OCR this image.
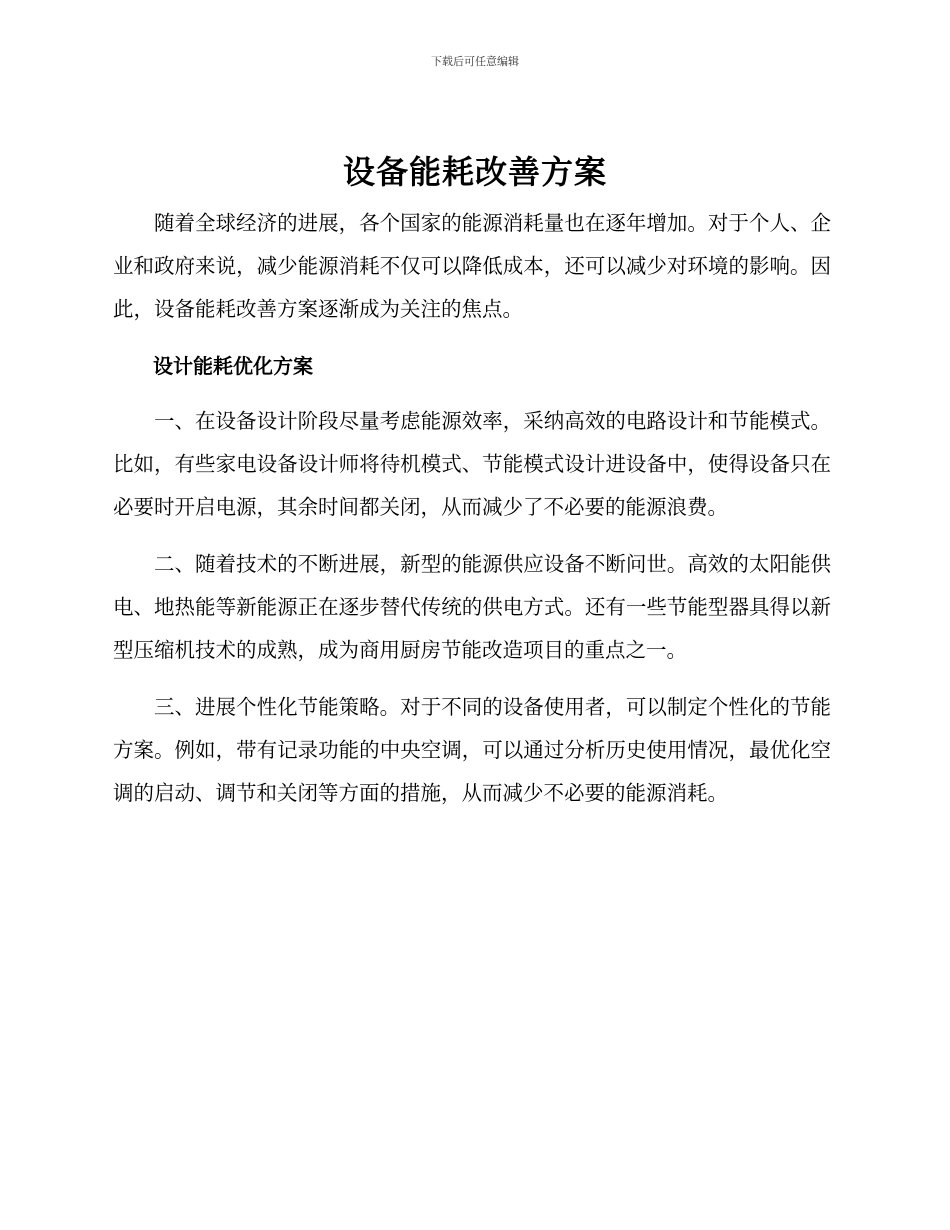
下载后可任意编辑
设备能耗改善方案

随着全球经济的进展，各个国家的能源消耗量也在逐年增加。对于个人、企业和政府来说，减少能源消耗不仅可以降低成本，还可以减少对环境的影响。因此，设备能耗改善方案逐渐成为关注的焦点。

设计能耗优化方案

一、在设备设计阶段尽量考虑能源效率，采纳高效的电路设计和节能模式。比如，有些家电设备设计师将待机模式、节能模式设计进设备中，使得设备只在必要时开启电源，其余时间都关闭，从而减少了不必要的能源浪费。

二、随着技术的不断进展，新型的能源供应设备不断问世。高效的太阳能供电、地热能等新能源正在逐步替代传统的供电方式。还有一些节能型器具得以新型压缩机技术的成熟，成为商用厨房节能改造项目的重点之一。

三、进展个性化节能策略。对于不同的设备使用者，可以制定个性化的节能方案。例如，带有记录功能的中央空调，可以通过分析历史使用情况，最优化空调的启动、调节和关闭等方面的措施，从而减少不必要的能源消耗。
